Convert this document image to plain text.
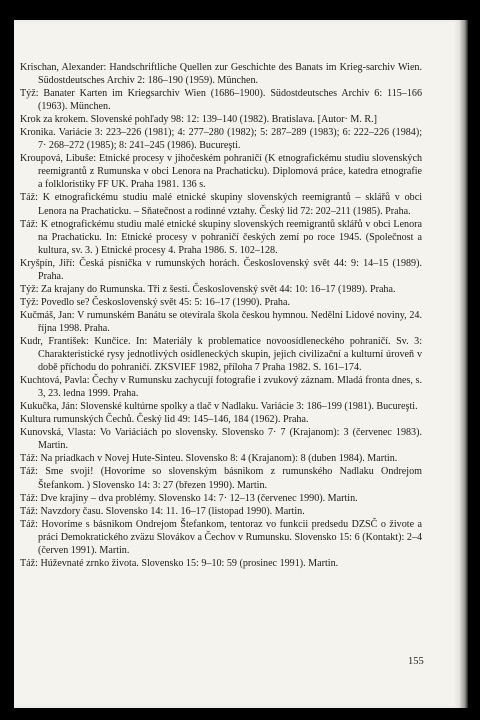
Krischan, Alexander: Handschriftliche Quellen zur Geschichte des Banats im Krieg-sarchiv Wien. Südostdeutsches Archiv 2: 186–190 (1959). München.

Týž: Banater Karten im Kriegsarchiv Wien (1686–1900). Südostdeutsches Archiv 6: 115–166 (1963). München.

Krok za krokem. Slovenské pohľady 98: 12: 139–140 (1982). Bratislava. [Autor· M. R.]

Kronika. Variácie 3: 223–226 (1981); 4: 277–280 (1982); 5: 287–289 (1983); 6: 222–226 (1984); 7· 268–272 (1985); 8: 241–245 (1986). Bucureşti.

Kroupová, Libuše: Etnické procesy v jihočeském pohraničí (K etnografickému studiu slovenských reemigrantů z Rumunska v obci Lenora na Prachaticku). Diplomová práce, katedra etnografie a folkloristiky FF UK. Praha 1981. 136 s.

Táž: K etnografickému studiu malé etnické skupiny slovenských reemigrantů – sklářů v obci Lenora na Prachaticku. – Sňatečnost a rodinné vztahy. Český lid 72: 202–211 (1985). Praha.

Táž: K etnografickému studiu malé etnické skupiny slovenských reemigrantů sklářů v obci Lenora na Prachaticku. In: Etnické procesy v pohraničí českých zemí po roce 1945. (Společnost a kultura, sv. 3. ) Etnické procesy 4. Praha 1986. S. 102–128.

Kryšpín, Jiří: Česká písnička v rumunských horách. Československý svět 44: 9: 14–15 (1989). Praha.

Týž: Za krajany do Rumunska. Tři z šesti. Československý svět 44: 10: 16–17 (1989). Praha.

Týž: Povedlo se? Československý svět 45: 5: 16–17 (1990). Praha.

Kučmáš, Jan: V rumunském Banátu se otevírala škola českou hymnou. Nedělní Lidové noviny, 24. října 1998. Praha.

Kudr, František: Kunčice. In: Materiály k problematice novoosídleneckého pohraničí. Sv. 3: Charakteristické rysy jednotlivých osídleneckých skupin, jejich civilizační a kulturní úroveň v době příchodu do pohraničí. ZKSVIEF 1982, příloha 7 Praha 1982. S. 161–174.

Kuchtová, Pavla: Čechy v Rumunsku zachycují fotografie i zvukový záznam. Mladá fronta dnes, s. 3, 23. ledna 1999. Praha.

Kukučka, Ján: Slovenské kultúrne spolky a tlač v Nadlaku. Variácie 3: 186–199 (1981). Bucureşti.

Kultura rumunských Čechů. Český lid 49: 145–146, 184 (1962). Praha.

Kunovská, Vlasta: Vo Variáciách po slovensky. Slovensko 7· 7 (Krajanom): 3 (červenec 1983). Martin.

Táž: Na priadkach v Novej Hute-Sinteu. Slovensko 8: 4 (Krajanom): 8 (duben 1984). Martin.

Táž: Sme svoji! (Hovoríme so slovenským básnikom z rumunského Nadlaku Ondrejom Štefankom. ) Slovensko 14: 3: 27 (březen 1990). Martin.

Táž: Dve krajiny – dva problémy. Slovensko 14: 7· 12–13 (červenec 1990). Martin.

Táž: Navzdory času. Slovensko 14: 11. 16–17 (listopad 1990). Martin.

Táž: Hovoríme s básnikom Ondrejom Štefankom, tentoraz vo funkcii predsedu DZSČ o živote a práci Demokratického zväzu Slovákov a Čechov v Rumunsku. Slovensko 15: 6 (Kontakt): 2–4 (červen 1991). Martin.

Táž: Húževnaté zrnko života. Slovensko 15: 9–10: 59 (prosinec 1991). Martin.

155
